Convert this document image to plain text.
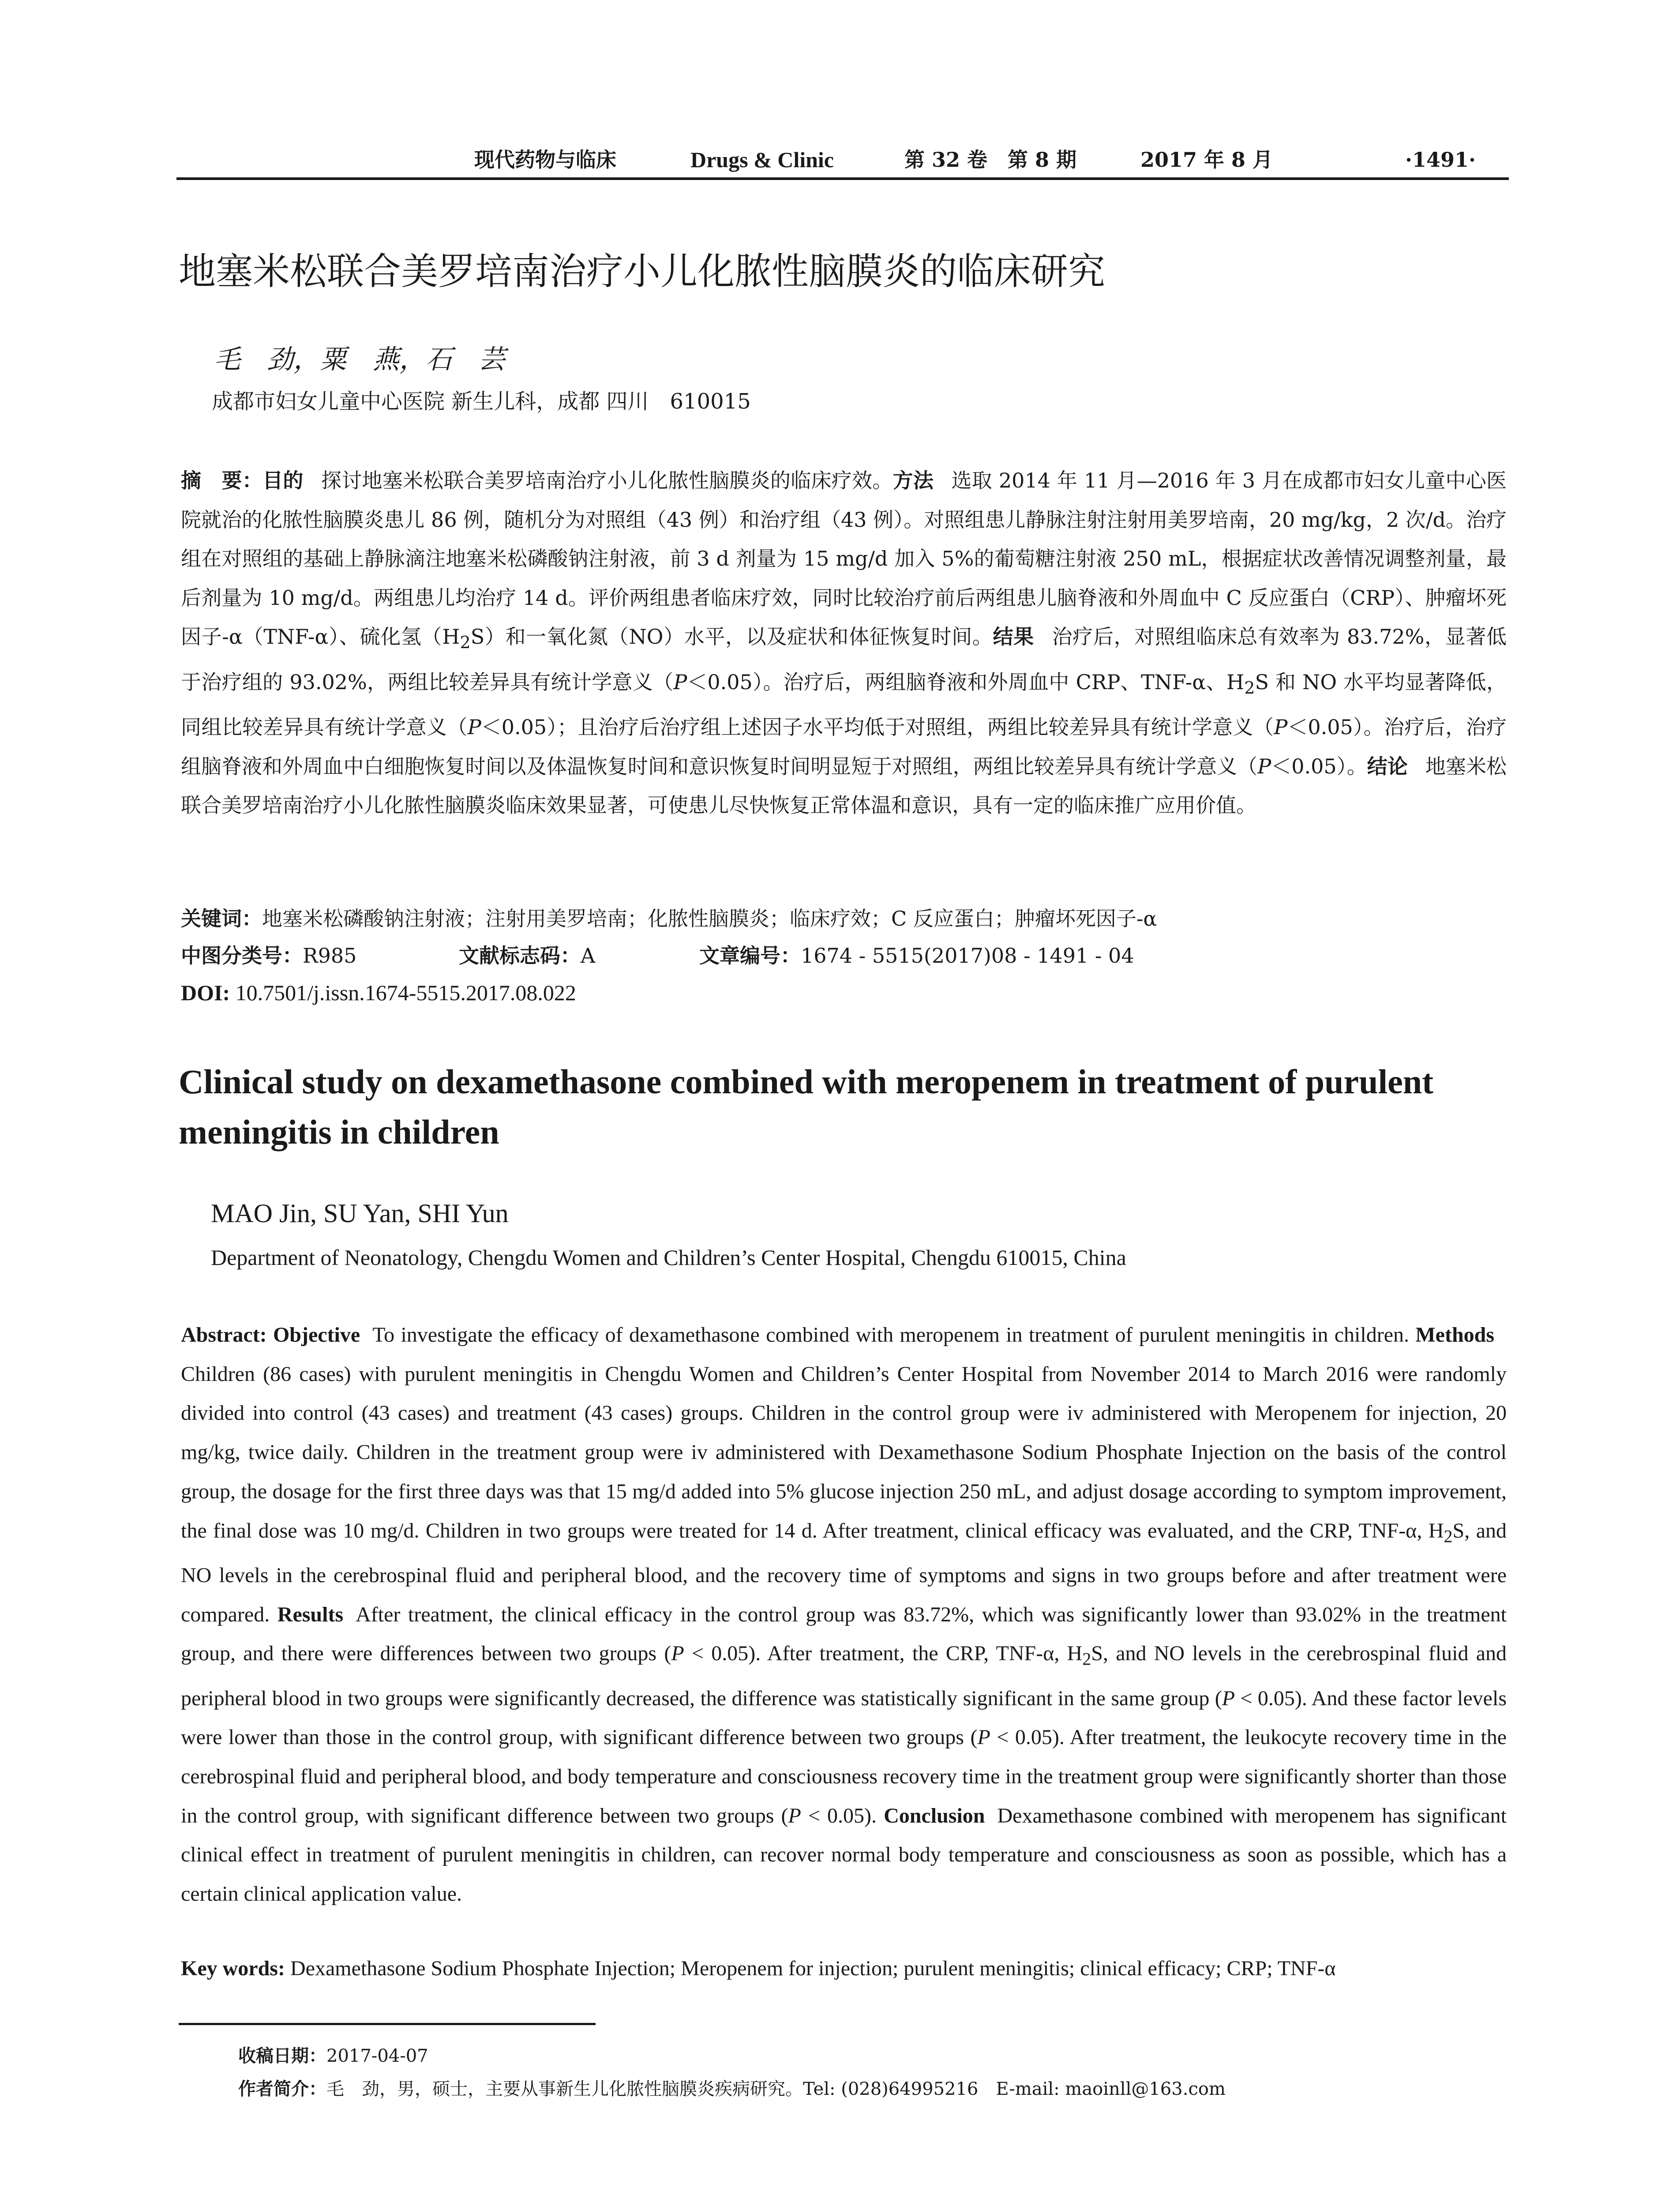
现代药物与临床	Drugs & Clinic	第 32 卷　第 8 期	2017 年 8 月	·1491·
地塞米松联合美罗培南治疗小儿化脓性脑膜炎的临床研究
毛　劲，粟　燕，石　芸
成都市妇女儿童中心医院 新生儿科，成都 四川　610015
摘　要：目的 探讨地塞米松联合美罗培南治疗小儿化脓性脑膜炎的临床疗效。方法 选取 2014 年 11 月—2016 年 3 月在成都市妇女儿童中心医院就治的化脓性脑膜炎患儿 86 例，随机分为对照组（43 例）和治疗组（43 例）。对照组患儿静脉注射注射用美罗培南，20 mg/kg，2 次/d。治疗组在对照组的基础上静脉滴注地塞米松磷酸钠注射液，前 3 d 剂量为 15 mg/d 加入 5%的葡萄糖注射液 250 mL，根据症状改善情况调整剂量，最后剂量为 10 mg/d。两组患儿均治疗 14 d。评价两组患者临床疗效，同时比较治疗前后两组患儿脑脊液和外周血中 C 反应蛋白（CRP）、肿瘤坏死因子-α（TNF-α）、硫化氢$(H_2S)$和一氧化氮（NO）水平，以及症状和体征恢复时间。结果 治疗后，对照组临床总有效率为 83.72%，显著低于治疗组的 93.02%，两组比较差异具有统计学意义（P＜0.05）。治疗后，两组脑脊液和外周血中 CRP、TNF-α、$H_2S$ 和 NO 水平均显著降低，同组比较差异具有统计学意义（P＜0.05）；且治疗后治疗组上述因子水平均低于对照组，两组比较差异具有统计学意义（P＜0.05）。治疗后，治疗组脑脊液和外周血中白细胞恢复时间以及体温恢复时间和意识恢复时间明显短于对照组，两组比较差异具有统计学意义（P＜0.05）。结论 地塞米松联合美罗培南治疗小儿化脓性脑膜炎临床效果显著，可使患儿尽快恢复正常体温和意识，具有一定的临床推广应用价值。
关键词：地塞米松磷酸钠注射液；注射用美罗培南；化脓性脑膜炎；临床疗效；C 反应蛋白；肿瘤坏死因子-α
中图分类号：R985	文献标志码：A	文章编号：1674 - 5515(2017)08 - 1491 - 04
DOI: 10.7501/j.issn.1674-5515.2017.08.022
Clinical study on dexamethasone combined with meropenem in treatment of purulent
meningitis in children
MAO Jin, SU Yan, SHI Yun
Department of Neonatology, Chengdu Women and Children’s Center Hospital, Chengdu 610015, China
Abstract: Objective To investigate the efficacy of dexamethasone combined with meropenem in treatment of purulent meningitis in children. MethodsChildren (86 cases) with purulent meningitis in Chengdu Women and Children’s Center Hospital from November 2014 to March 2016 were randomly divided into control (43 cases) and treatment (43 cases) groups. Children in the control group were iv administered with Meropenem for injection, 20 mg/kg, twice daily. Children in the treatment group were iv administered with Dexamethasone Sodium Phosphate Injection on the basis of the control group, the dosage for the first three days was that 15 mg/d added into 5% glucose injection 250 mL, and adjust dosage according to symptom improvement, the final dose was 10 mg/d. Children in two groups were treated for 14 d. After treatment, clinical efficacy was evaluated, and the CRP, TNF-α, $H_2S$, and NO levels in the cerebrospinal fluid and peripheral blood, and the recovery time of symptoms and signs in two groups before and after treatment were compared. Results After treatment, the clinical efficacy in the control group was 83.72%, which was significantly lower than 93.02% in the treatment group, and there were differences between two groups (P < 0.05). After treatment, the CRP, TNF-α, $H_2S$, and NO levels in the cerebrospinal fluid and peripheral blood in two groups were significantly decreased, the difference was statistically significant in the same group (P < 0.05). And these factor levels were lower than those in the control group, with significant difference between two groups (P < 0.05). After treatment, the leukocyte recovery time in the cerebrospinal fluid and peripheral blood, and body temperature and consciousness recovery time in the treatment group were significantly shorter than those in the control group, with significant difference between two groups (P < 0.05). Conclusion Dexamethasone combined with meropenem has significant clinical effect in treatment of purulent meningitis in children, can recover normal body temperature and consciousness as soon as possible, which has a certain clinical application value.
Key words: Dexamethasone Sodium Phosphate Injection; Meropenem for injection; purulent meningitis; clinical efficacy; CRP; TNF-α
收稿日期：2017-04-07
作者简介：毛　劲，男，硕士，主要从事新生儿化脓性脑膜炎疾病研究。Tel: (028)64995216　E-mail: maoinll@163.com
